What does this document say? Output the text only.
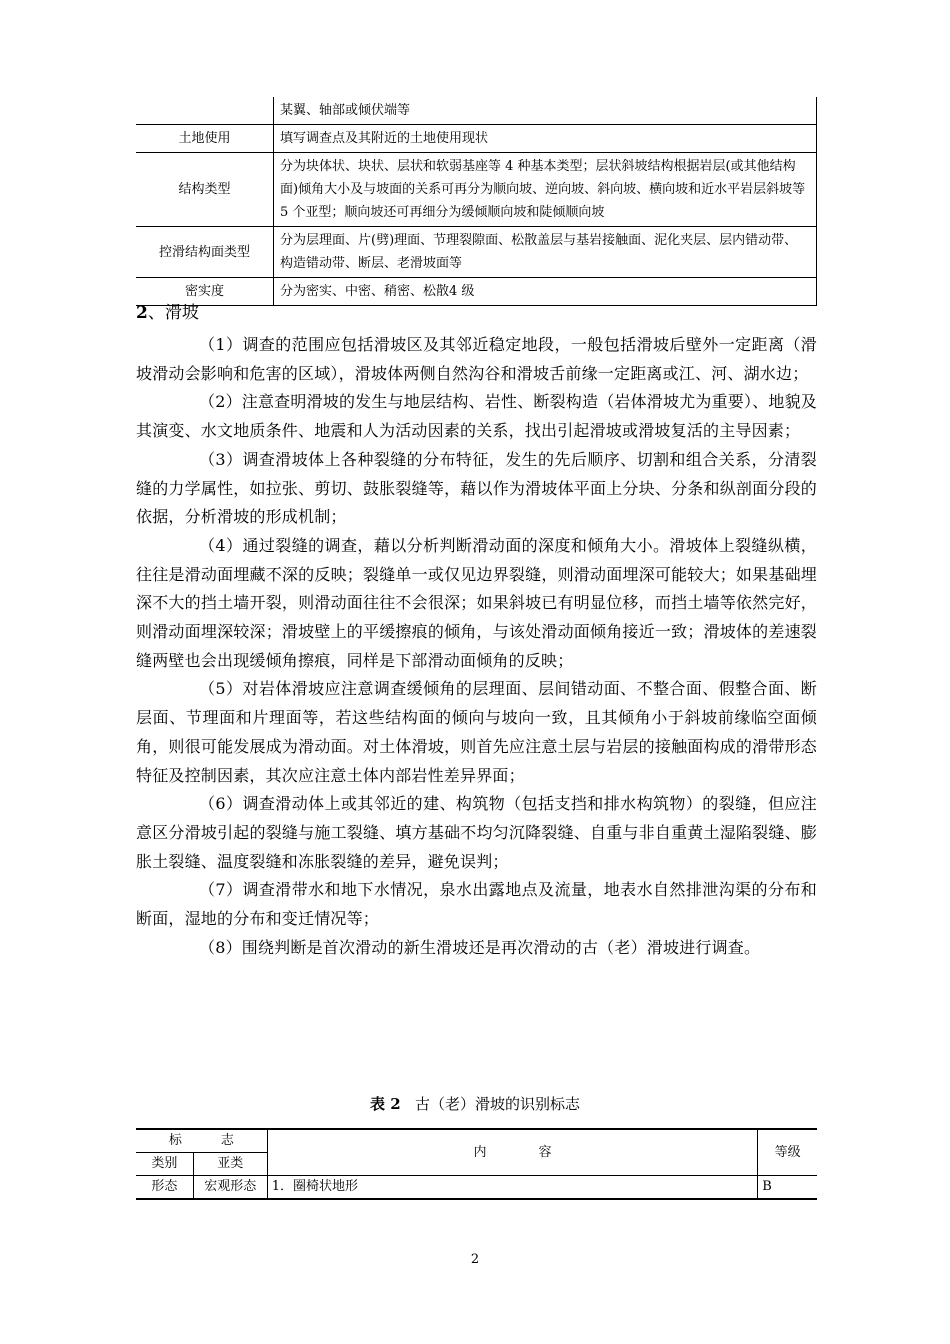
	某翼、轴部或倾伏端等
土地使用	填写调查点及其附近的土地使用现状
结构类型	分为块体状、块状、层状和软弱基座等 4 种基本类型；层状斜坡结构根据岩层(或其他结构面)倾角大小及与坡面的关系可再分为顺向坡、逆向坡、斜向坡、横向坡和近水平岩层斜坡等 5 个亚型；顺向坡还可再细分为缓倾顺向坡和陡倾顺向坡
控滑结构面类型	分为层理面、片(劈)理面、节理裂隙面、松散盖层与基岩接触面、泥化夹层、层内错动带、构造错动带、断层、老滑坡面等
密实度	分为密实、中密、稍密、松散4 级
2、滑坡

（1）调查的范围应包括滑坡区及其邻近稳定地段，一般包括滑坡后壁外一定距离（滑坡滑动会影响和危害的区域），滑坡体两侧自然沟谷和滑坡舌前缘一定距离或江、河、湖水边；

（2）注意查明滑坡的发生与地层结构、岩性、断裂构造（岩体滑坡尤为重要）、地貌及其演变、水文地质条件、地震和人为活动因素的关系，找出引起滑坡或滑坡复活的主导因素；

（3）调查滑坡体上各种裂缝的分布特征，发生的先后顺序、切割和组合关系，分清裂缝的力学属性，如拉张、剪切、鼓胀裂缝等，藉以作为滑坡体平面上分块、分条和纵剖面分段的依据，分析滑坡的形成机制；

（4）通过裂缝的调查，藉以分析判断滑动面的深度和倾角大小。滑坡体上裂缝纵横，往往是滑动面埋藏不深的反映；裂缝单一或仅见边界裂缝，则滑动面埋深可能较大；如果基础埋深不大的挡土墙开裂，则滑动面往往不会很深；如果斜坡已有明显位移，而挡土墙等依然完好，则滑动面埋深较深；滑坡壁上的平缓擦痕的倾角，与该处滑动面倾角接近一致；滑坡体的差速裂缝两壁也会出现缓倾角擦痕，同样是下部滑动面倾角的反映；

（5）对岩体滑坡应注意调查缓倾角的层理面、层间错动面、不整合面、假整合面、断层面、节理面和片理面等，若这些结构面的倾向与坡向一致，且其倾角小于斜坡前缘临空面倾角，则很可能发展成为滑动面。对土体滑坡，则首先应注意土层与岩层的接触面构成的滑带形态特征及控制因素，其次应注意土体内部岩性差异界面；

（6）调查滑动体上或其邻近的建、构筑物（包括支挡和排水构筑物）的裂缝，但应注意区分滑坡引起的裂缝与施工裂缝、填方基础不均匀沉降裂缝、自重与非自重黄土湿陷裂缝、膨胀土裂缝、温度裂缝和冻胀裂缝的差异，避免误判；

（7）调查滑带水和地下水情况，泉水出露地点及流量，地表水自然排泄沟渠的分布和断面，湿地的分布和变迁情况等；

（8）围绕判断是首次滑动的新生滑坡还是再次滑动的古（老）滑坡进行调查。

表 2 古（老）滑坡的识别标志
标　　　志		内　　　　容	等级
类别	亚类		
形态	宏观形态	1．圈椅状地形	B
2
